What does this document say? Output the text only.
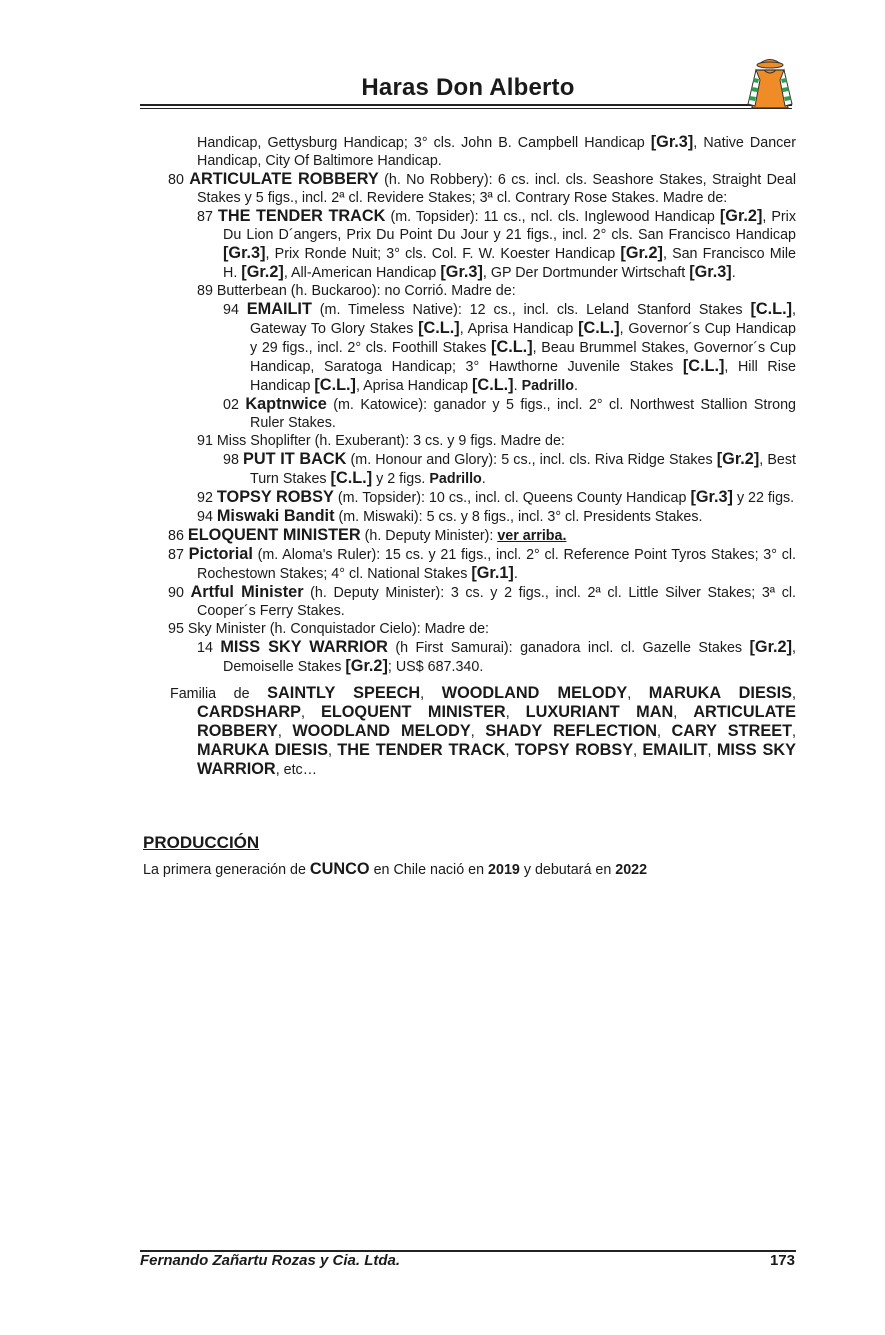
Haras Don Alberto

Handicap, Gettysburg Handicap; 3° cls. John B. Campbell Handicap [Gr.3], Native Dancer Handicap, City Of Baltimore Handicap.

80 ARTICULATE ROBBERY (h. No Robbery): 6 cs. incl. cls. Seashore Stakes, Straight Deal Stakes y 5 figs., incl. 2ª cl. Revidere Stakes; 3ª cl. Contrary Rose Stakes. Madre de:

87 THE TENDER TRACK (m. Topsider): 11 cs., ncl. cls. Inglewood Handicap [Gr.2], Prix Du Lion D´angers, Prix Du Point Du Jour y 21 figs., incl. 2° cls. San Francisco Handicap [Gr.3], Prix Ronde Nuit; 3° cls. Col. F. W. Koester Handicap [Gr.2], San Francisco Mile H. [Gr.2], All-American Handicap [Gr.3], GP Der Dortmunder Wirtschaft [Gr.3].

89 Butterbean (h. Buckaroo): no Corrió. Madre de:

94 EMAILIT (m. Timeless Native): 12 cs., incl. cls. Leland Stanford Stakes [C.L.], Gateway To Glory Stakes [C.L.], Aprisa Handicap [C.L.], Governor´s Cup Handicap y 29 figs., incl. 2° cls. Foothill Stakes [C.L.], Beau Brummel Stakes, Governor´s Cup Handicap, Saratoga Handicap; 3° Hawthorne Juvenile Stakes [C.L.], Hill Rise Handicap [C.L.], Aprisa Handicap [C.L.]. Padrillo.

02 Kaptnwice (m. Katowice): ganador y 5 figs., incl. 2° cl. Northwest Stallion Strong Ruler Stakes.

91 Miss Shoplifter (h. Exuberant): 3 cs. y 9 figs. Madre de:

98 PUT IT BACK (m. Honour and Glory): 5 cs., incl. cls. Riva Ridge Stakes [Gr.2], Best Turn Stakes [C.L.] y 2 figs. Padrillo.

92 TOPSY ROBSY (m. Topsider): 10 cs., incl. cl. Queens County Handicap [Gr.3] y 22 figs.

94 Miswaki Bandit (m. Miswaki): 5 cs. y 8 figs., incl. 3° cl. Presidents Stakes.

86 ELOQUENT MINISTER (h. Deputy Minister): ver arriba.

87 Pictorial (m. Aloma's Ruler): 15 cs. y 21 figs., incl. 2° cl. Reference Point Tyros Stakes; 3° cl. Rochestown Stakes; 4° cl. National Stakes [Gr.1].

90 Artful Minister (h. Deputy Minister): 3 cs. y 2 figs., incl. 2ª cl. Little Silver Stakes; 3ª cl. Cooper´s Ferry Stakes.

95 Sky Minister (h. Conquistador Cielo): Madre de:

14 MISS SKY WARRIOR (h First Samurai): ganadora incl. cl. Gazelle Stakes [Gr.2], Demoiselle Stakes [Gr.2]; US$ 687.340.

Familia de SAINTLY SPEECH, WOODLAND MELODY, MARUKA DIESIS, CARDSHARP, ELOQUENT MINISTER, LUXURIANT MAN, ARTICULATE ROBBERY, WOODLAND MELODY, SHADY REFLECTION, CARY STREET, MARUKA DIESIS, THE TENDER TRACK, TOPSY ROBSY, EMAILIT, MISS SKY WARRIOR, etc…

PRODUCCIÓN
La primera generación de CUNCO en Chile nació en 2019 y debutará en 2022
Fernando Zañartu Rozas y Cia. Ltda.	173
